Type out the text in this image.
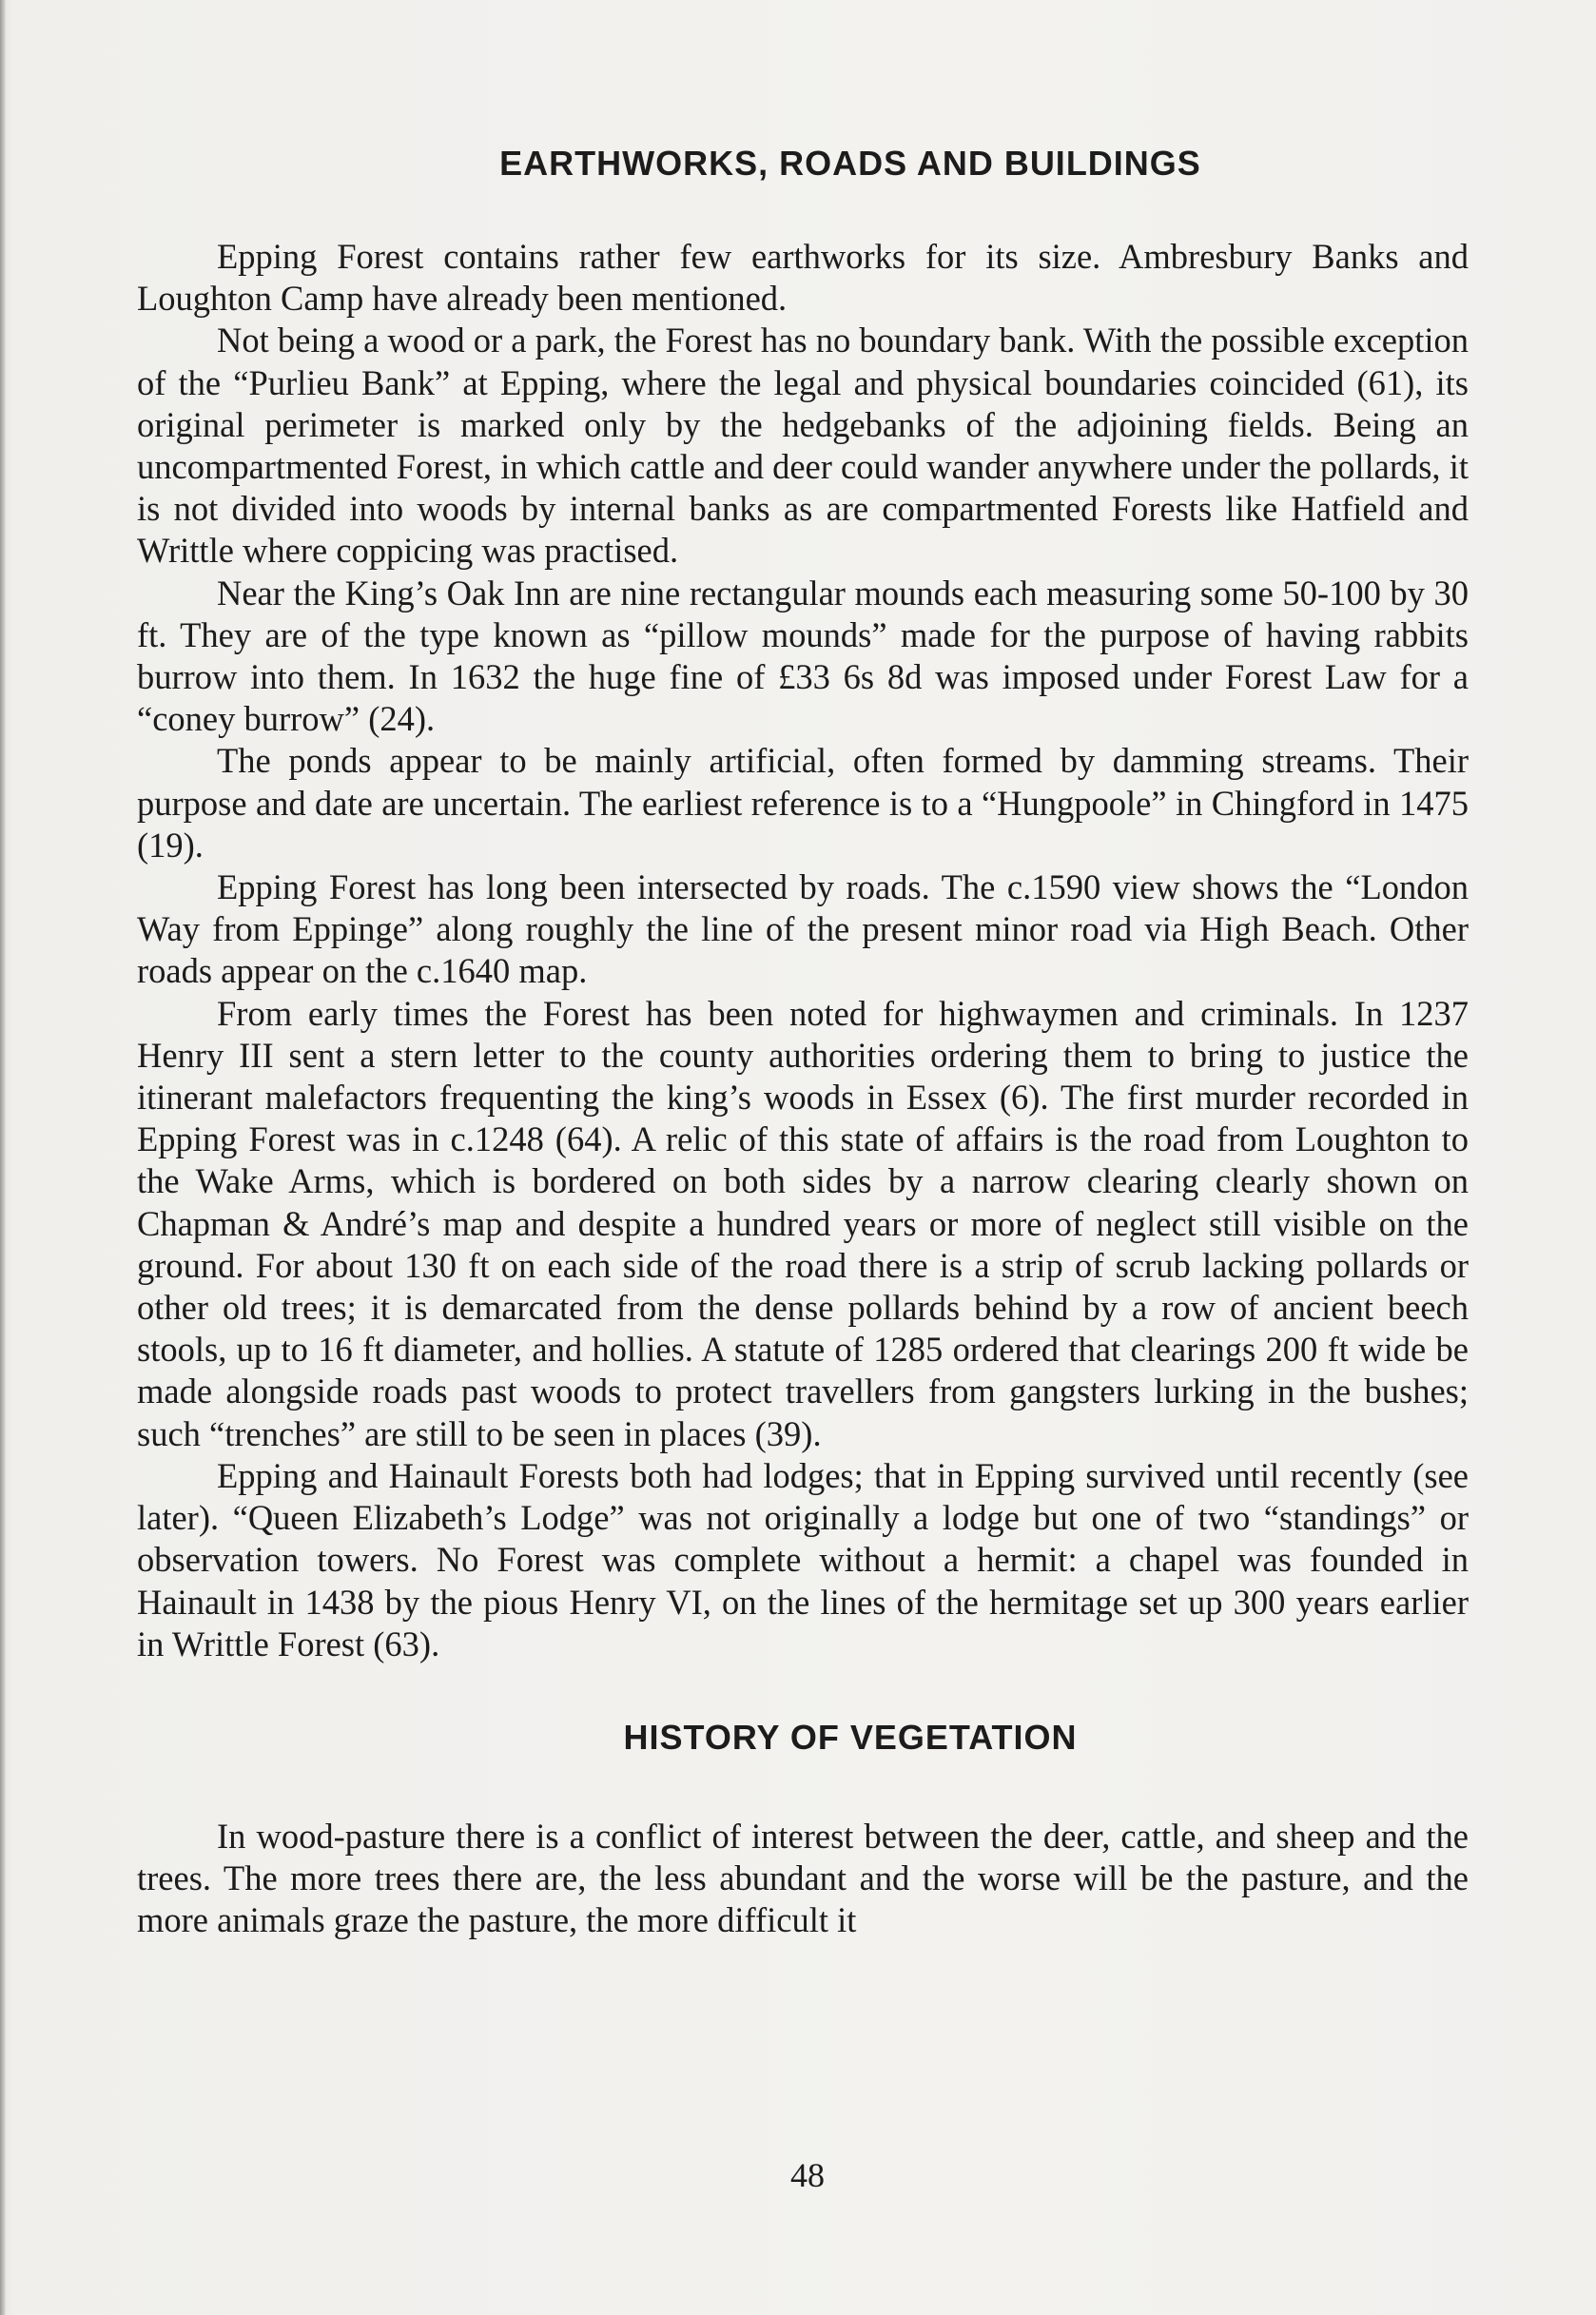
EARTHWORKS, ROADS AND BUILDINGS

Epping Forest contains rather few earthworks for its size. Ambresbury Banks and Loughton Camp have already been mentioned.

Not being a wood or a park, the Forest has no boundary bank. With the possible exception of the “Purlieu Bank” at Epping, where the legal and physical boundaries coincided (61), its original perimeter is marked only by the hedgebanks of the adjoining fields. Being an uncompartmented Forest, in which cattle and deer could wander anywhere under the pollards, it is not divided into woods by internal banks as are compartmented Forests like Hatfield and Writtle where coppicing was practised.

Near the King’s Oak Inn are nine rectangular mounds each measuring some 50-100 by 30 ft. They are of the type known as “pillow mounds” made for the purpose of having rabbits burrow into them. In 1632 the huge fine of £33 6s 8d was imposed under Forest Law for a “coney burrow” (24).

The ponds appear to be mainly artificial, often formed by damming streams. Their purpose and date are uncertain. The earliest reference is to a “Hungpoole” in Chingford in 1475 (19).

Epping Forest has long been intersected by roads. The c.1590 view shows the “London Way from Eppinge” along roughly the line of the present minor road via High Beach. Other roads appear on the c.1640 map.

From early times the Forest has been noted for highwaymen and criminals. In 1237 Henry III sent a stern letter to the county authorities ordering them to bring to justice the itinerant malefactors frequenting the king’s woods in Essex (6). The first murder recorded in Epping Forest was in c.1248 (64). A relic of this state of affairs is the road from Loughton to the Wake Arms, which is bordered on both sides by a narrow clearing clearly shown on Chapman & André’s map and despite a hundred years or more of neglect still visible on the ground. For about 130 ft on each side of the road there is a strip of scrub lacking pollards or other old trees; it is demarcated from the dense pollards behind by a row of ancient beech stools, up to 16 ft diameter, and hollies. A statute of 1285 ordered that clearings 200 ft wide be made alongside roads past woods to protect travellers from gangsters lurking in the bushes; such “trenches” are still to be seen in places (39).

Epping and Hainault Forests both had lodges; that in Epping survived until recently (see later). “Queen Elizabeth’s Lodge” was not originally a lodge but one of two “standings” or observation towers. No Forest was complete without a hermit: a chapel was founded in Hainault in 1438 by the pious Henry VI, on the lines of the hermitage set up 300 years earlier in Writtle Forest (63).

HISTORY OF VEGETATION

In wood-pasture there is a conflict of interest between the deer, cattle, and sheep and the trees. The more trees there are, the less abundant and the worse will be the pasture, and the more animals graze the pasture, the more difficult it

48
